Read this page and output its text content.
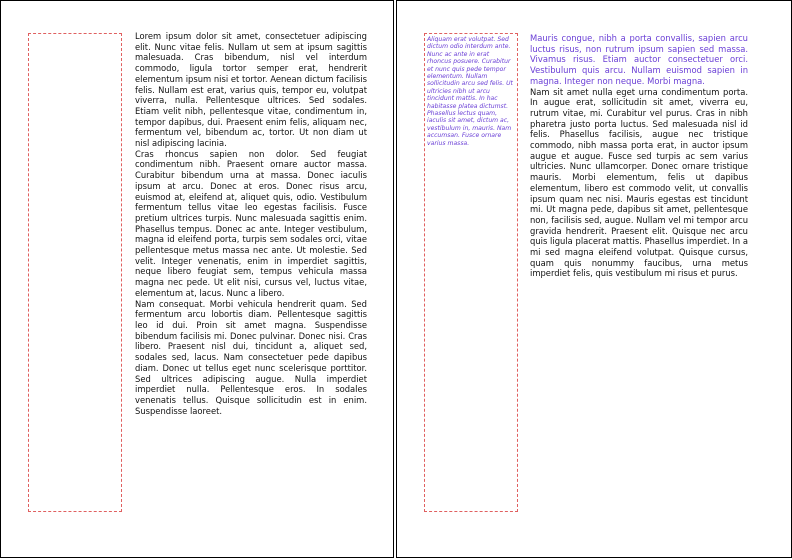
Lorem ipsum dolor sit amet, consectetuer adipiscing elit. Nunc vitae felis. Nullam ut sem at ipsum sagittis malesuada. Cras bibendum, nisl vel interdum commodo, ligula tortor semper erat, hendrerit elementum ipsum nisi et tortor. Aenean dictum facilisis felis. Nullam est erat, varius quis, tempor eu, volutpat viverra, nulla. Pellentesque ultrices. Sed sodales. Etiam velit nibh, pellentesque vitae, condimentum in, tempor dapibus, dui. Praesent enim felis, aliquam nec, fermentum vel, bibendum ac, tortor. Ut non diam ut nisl adipiscing lacinia.

Cras rhoncus sapien non dolor. Sed feugiat condimentum nibh. Praesent ornare auctor massa. Curabitur bibendum urna at massa. Donec iaculis ipsum at arcu. Donec at eros. Donec risus arcu, euismod at, eleifend at, aliquet quis, odio. Vestibulum fermentum tellus vitae leo egestas facilisis. Fusce pretium ultrices turpis. Nunc malesuada sagittis enim. Phasellus tempus. Donec ac ante. Integer vestibulum, magna id eleifend porta, turpis sem sodales orci, vitae pellentesque metus massa nec ante. Ut molestie. Sed velit. Integer venenatis, enim in imperdiet sagittis, neque libero feugiat sem, tempus vehicula massa magna nec pede. Ut elit nisi, cursus vel, luctus vitae, elementum at, lacus. Nunc a libero.

Nam consequat. Morbi vehicula hendrerit quam. Sed fermentum arcu lobortis diam. Pellentesque sagittis leo id dui. Proin sit amet magna. Suspendisse bibendum facilisis mi. Donec pulvinar. Donec nisi. Cras libero. Praesent nisl dui, tincidunt a, aliquet sed, sodales sed, lacus. Nam consectetuer pede dapibus diam. Donec ut tellus eget nunc scelerisque porttitor. Sed ultrices adipiscing augue. Nulla imperdiet imperdiet nulla. Pellentesque eros. In sodales venenatis tellus. Quisque sollicitudin est in enim. Suspendisse laoreet.

Aliquam erat volutpat. Sed dictum odio interdum ante. Nunc ac ante in erat rhoncus posuere. Curabitur et nunc quis pede tempor elementum. Nullam sollicitudin arcu sed felis. Ut ultricies nibh ut arcu tincidunt mattis. In hac habitasse platea dictumst. Phasellus lectus quam, iaculis sit amet, dictum ac, vestibulum in, mauris. Nam accumsan. Fusce ornare varius massa.

Mauris congue, nibh a porta convallis, sapien arcu luctus risus, non rutrum ipsum sapien sed massa. Vivamus risus. Etiam auctor consectetuer orci. Vestibulum quis arcu. Nullam euismod sapien in magna. Integer non neque. Morbi magna.

Nam sit amet nulla eget urna condimentum porta. In augue erat, sollicitudin sit amet, viverra eu, rutrum vitae, mi. Curabitur vel purus. Cras in nibh pharetra justo porta luctus. Sed malesuada nisl id felis. Phasellus facilisis, augue nec tristique commodo, nibh massa porta erat, in auctor ipsum augue et augue. Fusce sed turpis ac sem varius ultricies. Nunc ullamcorper. Donec ornare tristique mauris. Morbi elementum, felis ut dapibus elementum, libero est commodo velit, ut convallis ipsum quam nec nisi. Mauris egestas est tincidunt mi. Ut magna pede, dapibus sit amet, pellentesque non, facilisis sed, augue. Nullam vel mi tempor arcu gravida hendrerit. Praesent elit. Quisque nec arcu quis ligula placerat mattis. Phasellus imperdiet. In a mi sed magna eleifend volutpat. Quisque cursus, quam quis nonummy faucibus, urna metus imperdiet felis, quis vestibulum mi risus et purus.
